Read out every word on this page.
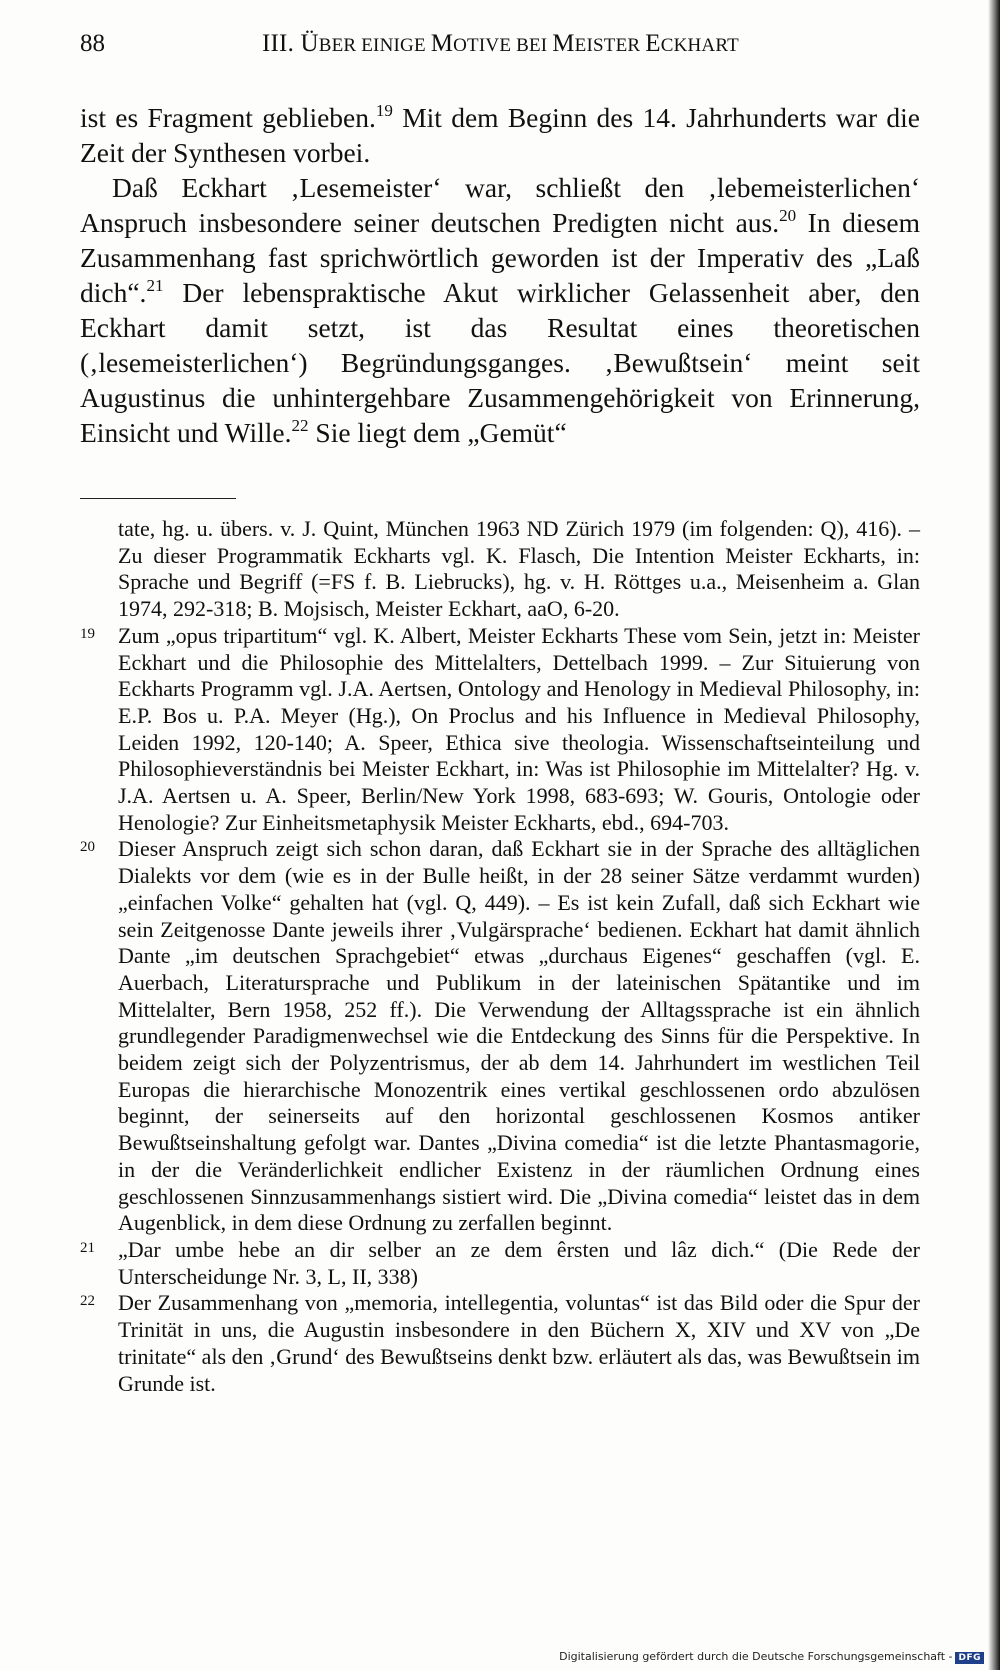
88	III. ÜBER EINIGE MOTIVE BEI MEISTER ECKHART

ist es Fragment geblieben.$^{19}$ Mit dem Beginn des 14. Jahrhunderts war die Zeit der Synthesen vorbei.

Daß Eckhart ‚Lesemeister‘ war, schließt den ‚lebemeisterlichen‘ Anspruch insbesondere seiner deutschen Predigten nicht aus.$^{20}$ In diesem Zusammenhang fast sprichwörtlich geworden ist der Imperativ des „Laß dich“.$^{21}$ Der lebenspraktische Akut wirklicher Gelassenheit aber, den Eckhart damit setzt, ist das Resultat eines theoretischen (‚lesemeisterlichen‘) Begründungsganges. ‚Bewußtsein‘ meint seit Augustinus die unhintergehbare Zusammengehörigkeit von Erinnerung, Einsicht und Wille.$^{22}$ Sie liegt dem „Gemüt“

tate, hg. u. übers. v. J. Quint, München 1963 ND Zürich 1979 (im folgenden: Q), 416). – Zu dieser Programmatik Eckharts vgl. K. Flasch, Die Intention Meister Eckharts, in: Sprache und Begriff (=FS f. B. Liebrucks), hg. v. H. Röttges u.a., Meisenheim a. Glan 1974, 292-318; B. Mojsisch, Meister Eckhart, aaO, 6-20.

19 Zum „opus tripartitum“ vgl. K. Albert, Meister Eckharts These vom Sein, jetzt in: Meister Eckhart und die Philosophie des Mittelalters, Dettelbach 1999. – Zur Situierung von Eckharts Programm vgl. J.A. Aertsen, Ontology and Henology in Medieval Philosophy, in: E.P. Bos u. P.A. Meyer (Hg.), On Proclus and his Influence in Medieval Philosophy, Leiden 1992, 120-140; A. Speer, Ethica sive theologia. Wissenschaftseinteilung und Philosophieverständnis bei Meister Eckhart, in: Was ist Philosophie im Mittelalter? Hg. v. J.A. Aertsen u. A. Speer, Berlin/New York 1998, 683-693; W. Gouris, Ontologie oder Henologie? Zur Einheitsmetaphysik Meister Eckharts, ebd., 694-703.

20 Dieser Anspruch zeigt sich schon daran, daß Eckhart sie in der Sprache des alltäglichen Dialekts vor dem (wie es in der Bulle heißt, in der 28 seiner Sätze verdammt wurden) „einfachen Volke“ gehalten hat (vgl. Q, 449). – Es ist kein Zufall, daß sich Eckhart wie sein Zeitgenosse Dante jeweils ihrer ‚Vulgärsprache‘ bedienen. Eckhart hat damit ähnlich Dante „im deutschen Sprachgebiet“ etwas „durchaus Eigenes“ geschaffen (vgl. E. Auerbach, Literatursprache und Publikum in der lateinischen Spätantike und im Mittelalter, Bern 1958, 252 ff.). Die Verwendung der Alltagssprache ist ein ähnlich grundlegender Paradigmenwechsel wie die Entdeckung des Sinns für die Perspektive. In beidem zeigt sich der Polyzentrismus, der ab dem 14. Jahrhundert im westlichen Teil Europas die hierarchische Monozentrik eines vertikal geschlossenen ordo abzulösen beginnt, der seinerseits auf den horizontal geschlossenen Kosmos antiker Bewußtseinshaltung gefolgt war. Dantes „Divina comedia“ ist die letzte Phantasmagorie, in der die Veränderlichkeit endlicher Existenz in der räumlichen Ordnung eines geschlossenen Sinnzusammenhangs sistiert wird. Die „Divina comedia“ leistet das in dem Augenblick, in dem diese Ordnung zu zerfallen beginnt.

21 „Dar umbe hebe an dir selber an ze dem êrsten und lâz dich.“ (Die Rede der Unterscheidunge Nr. 3, L, II, 338)

22 Der Zusammenhang von „memoria, intellegentia, voluntas“ ist das Bild oder die Spur der Trinität in uns, die Augustin insbesondere in den Büchern X, XIV und XV von „De trinitate“ als den ‚Grund‘ des Bewußtseins denkt bzw. erläutert als das, was Bewußtsein im Grunde ist.

Digitalisierung gefördert durch die Deutsche Forschungsgemeinschaft - DFG
